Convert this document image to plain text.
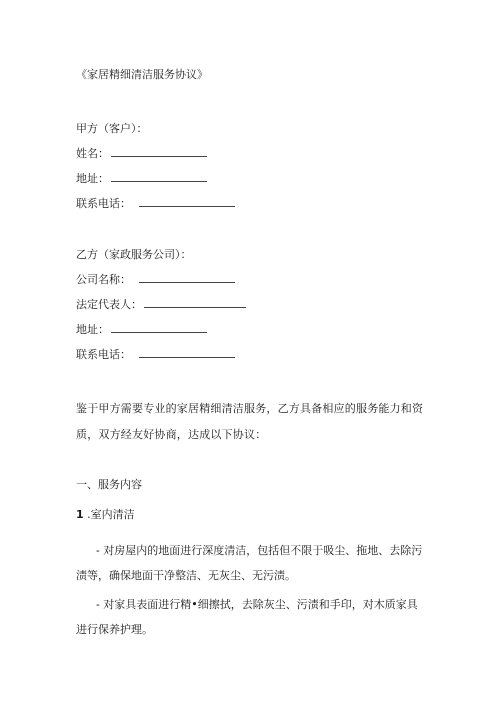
《家居精细清洁服务协议》
甲方（客户）：
姓名：
地址：
联系电话：
乙方（家政服务公司）：
公司名称：
法定代表人：
地址：
联系电话：
鉴于甲方需要专业的家居精细清洁服务，乙方具备相应的服务能力和资质，双方经友好协商，达成以下协议：
一、服务内容
1 .室内清洁
- 对房屋内的地面进行深度清洁，包括但不限于吸尘、拖地、去除污渍等，确保地面干净整洁、无灰尘、无污渍。
- 对家具表面进行精•细擦拭，去除灰尘、污渍和手印，对木质家具进行保养护理。
